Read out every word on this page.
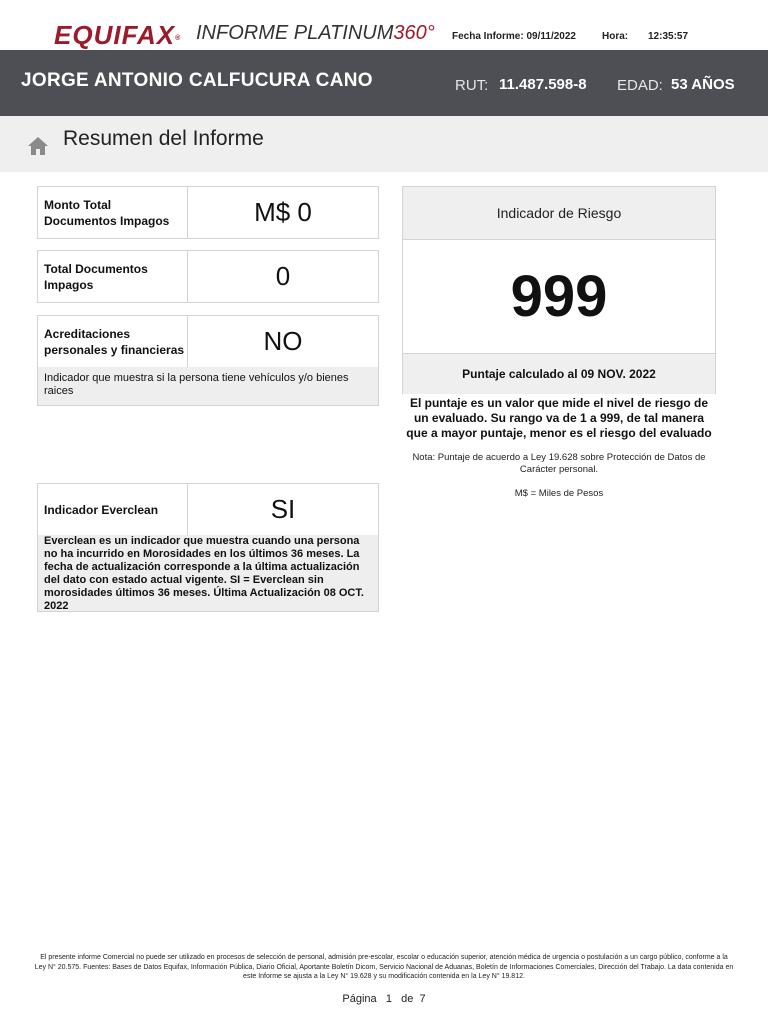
EQUIFAX® INFORME PLATINUM360° Fecha Informe: 09/11/2022	Hora: 12:35:57
JORGE ANTONIO CALFUCURA CANO	RUT: 11.487.598-8 EDAD: 53 AÑOS
Resumen del Informe
Monto Total Documentos Impagos	M$ 0
Total Documentos Impagos	0
Acreditaciones personales y financieras	NO
Indicador que muestra si la persona tiene vehículos y/o bienes raices
Indicador Everclean	SI
Everclean es un indicador que muestra cuando una persona no ha incurrido en Morosidades en los últimos 36 meses. La fecha de actualización corresponde a la última actualización del dato con estado actual vigente. SI = Everclean sin morosidades últimos 36 meses. Última Actualización 08 OCT. 2022
Indicador de Riesgo
999
Puntaje calculado al 09 NOV. 2022
El puntaje es un valor que mide el nivel de riesgo de un evaluado. Su rango va de 1 a 999, de tal manera que a mayor puntaje, menor es el riesgo del evaluado
Nota: Puntaje de acuerdo a Ley 19.628 sobre Protección de Datos de Carácter personal.
M$ = Miles de Pesos
El presente informe Comercial no puede ser utilizado en procesos de selección de personal, admisión pre-escolar, escolar o educación superior, atención médica de urgencia o postulación a un cargo público, conforme a la Ley N° 20.575. Fuentes: Bases de Datos Equifax, Información Pública, Diario Oficial, Aportante Boletín Dicom, Servicio Nacional de Aduanas, Boletín de Informaciones Comerciales, Dirección del Trabajo. La data contenida en este Informe se ajusta a la Ley N° 19.628 y su modificación contenida en la Ley N° 19.812.
Página 1 de 7
